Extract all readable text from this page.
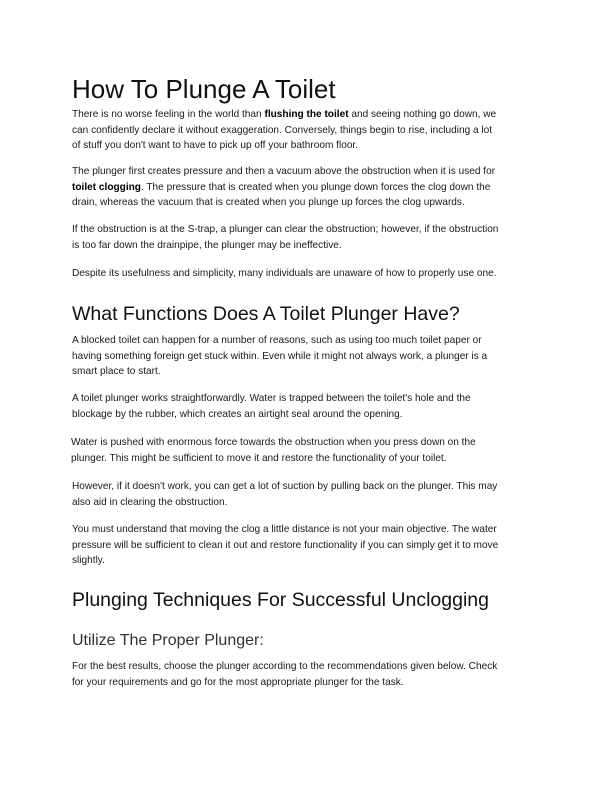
How To Plunge A Toilet
There is no worse feeling in the world than flushing the toilet and seeing nothing go down, we
can confidently declare it without exaggeration. Conversely, things begin to rise, including a lot
of stuff you don't want to have to pick up off your bathroom floor.
The plunger first creates pressure and then a vacuum above the obstruction when it is used for
toilet clogging. The pressure that is created when you plunge down forces the clog down the
drain, whereas the vacuum that is created when you plunge up forces the clog upwards.
If the obstruction is at the S-trap, a plunger can clear the obstruction; however, if the obstruction
is too far down the drainpipe, the plunger may be ineffective.
Despite its usefulness and simplicity, many individuals are unaware of how to properly use one.
What Functions Does A Toilet Plunger Have?
A blocked toilet can happen for a number of reasons, such as using too much toilet paper or
having something foreign get stuck within. Even while it might not always work, a plunger is a
smart place to start.
A toilet plunger works straightforwardly. Water is trapped between the toilet's hole and the
blockage by the rubber, which creates an airtight seal around the opening.
Water is pushed with enormous force towards the obstruction when you press down on the
plunger. This might be sufficient to move it and restore the functionality of your toilet.
However, if it doesn't work, you can get a lot of suction by pulling back on the plunger. This may
also aid in clearing the obstruction.
You must understand that moving the clog a little distance is not your main objective. The water
pressure will be sufficient to clean it out and restore functionality if you can simply get it to move
slightly.
Plunging Techniques For Successful Unclogging
Utilize The Proper Plunger:
For the best results, choose the plunger according to the recommendations given below. Check
for your requirements and go for the most appropriate plunger for the task.
